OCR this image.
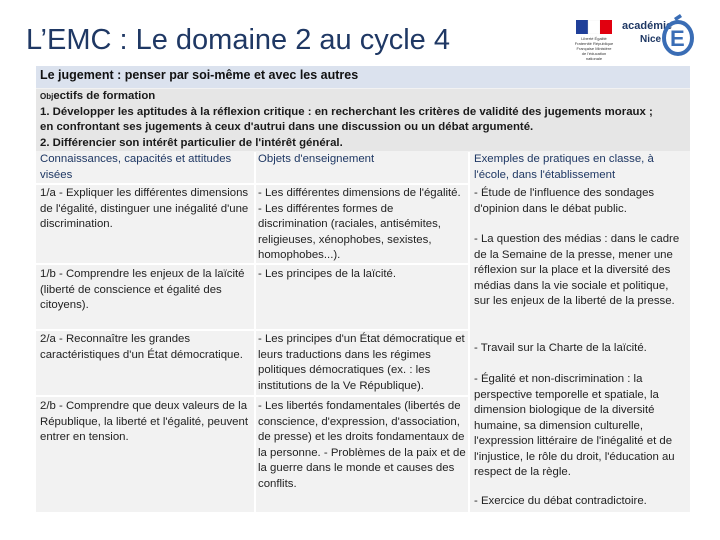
L’EMC : Le domaine 2 au cycle 4	Liberté Égalité Fraternité République Française Ministère de l'éducation nationale
académie
Nice E
Le jugement : penser par soi-même et avec les autres
Objectifs de formation
1. Développer les aptitudes à la réflexion critique : en recherchant les critères de validité des jugements moraux ;
en confrontant ses jugements à ceux d'autrui dans une discussion ou un débat argumenté.
2. Différencier son intérêt particulier de l'intérêt général.
Connaissances, capacités et attitudes visées
Objets d'enseignement	Exemples de pratiques en classe, à l'école, dans l'établissement
1/a - Expliquer les différentes dimensions de l'égalité, distinguer une inégalité d'une discrimination.
- Les différentes dimensions de l'égalité. - Les différentes formes de discrimination (raciales, antisémites, religieuses, xénophobes, sexistes, homophobes...).
1/b - Comprendre les enjeux de la laïcité (liberté de conscience et égalité des citoyens).
- Les principes de la laïcité.
2/a - Reconnaître les grandes caractéristiques d'un État démocratique.
- Les principes d'un État démocratique et leurs traductions dans les régimes politiques démocratiques (ex. : les institutions de la Ve République).
2/b - Comprendre que deux valeurs de la République, la liberté et l'égalité, peuvent entrer en tension.
- Les libertés fondamentales (libertés de conscience, d'expression, d'association, de presse) et les droits fondamentaux de la personne. - Problèmes de la paix et de la guerre dans le monde et causes des conflits.
- Étude de l'influence des sondages d'opinion dans le débat public.
- La question des médias : dans le cadre de la Semaine de la presse, mener une réflexion sur la place et la diversité des médias dans la vie sociale et politique, sur les enjeux de la liberté de la presse.
- Travail sur la Charte de la laïcité.
- Égalité et non-discrimination : la perspective temporelle et spatiale, la dimension biologique de la diversité humaine, sa dimension culturelle, l'expression littéraire de l'inégalité et de l'injustice, le rôle du droit, l'éducation au respect de la règle.
- Exercice du débat contradictoire.
